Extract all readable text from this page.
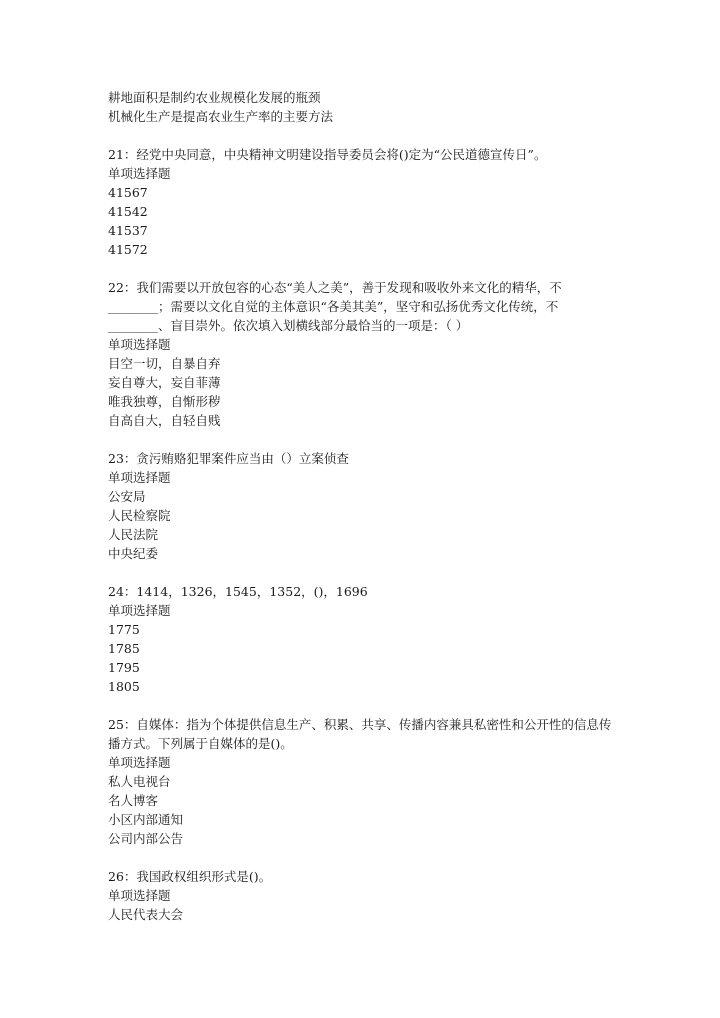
耕地面积是制约农业规模化发展的瓶颈
机械化生产是提高农业生产率的主要方法
21：经党中央同意，中央精神文明建设指导委员会将()定为“公民道德宣传日”。
单项选择题
41567
41542
41537
41572
22：我们需要以开放包容的心态“美人之美”，善于发现和吸收外来文化的精华，不
________；需要以文化自觉的主体意识“各美其美”，坚守和弘扬优秀文化传统，不
________、盲目崇外。依次填入划横线部分最恰当的一项是：（ ）
单项选择题
目空一切，自暴自弃
妄自尊大，妄自菲薄
唯我独尊，自惭形秽
自高自大，自轻自贱
23：贪污贿赂犯罪案件应当由（）立案侦查
单项选择题
公安局
人民检察院
人民法院
中央纪委
24：1414，1326，1545，1352，()，1696
单项选择题
1775
1785
1795
1805
25：自媒体：指为个体提供信息生产、积累、共享、传播内容兼具私密性和公开性的信息传
播方式。下列属于自媒体的是()。
单项选择题
私人电视台
名人博客
小区内部通知
公司内部公告
26：我国政权组织形式是()。
单项选择题
人民代表大会
